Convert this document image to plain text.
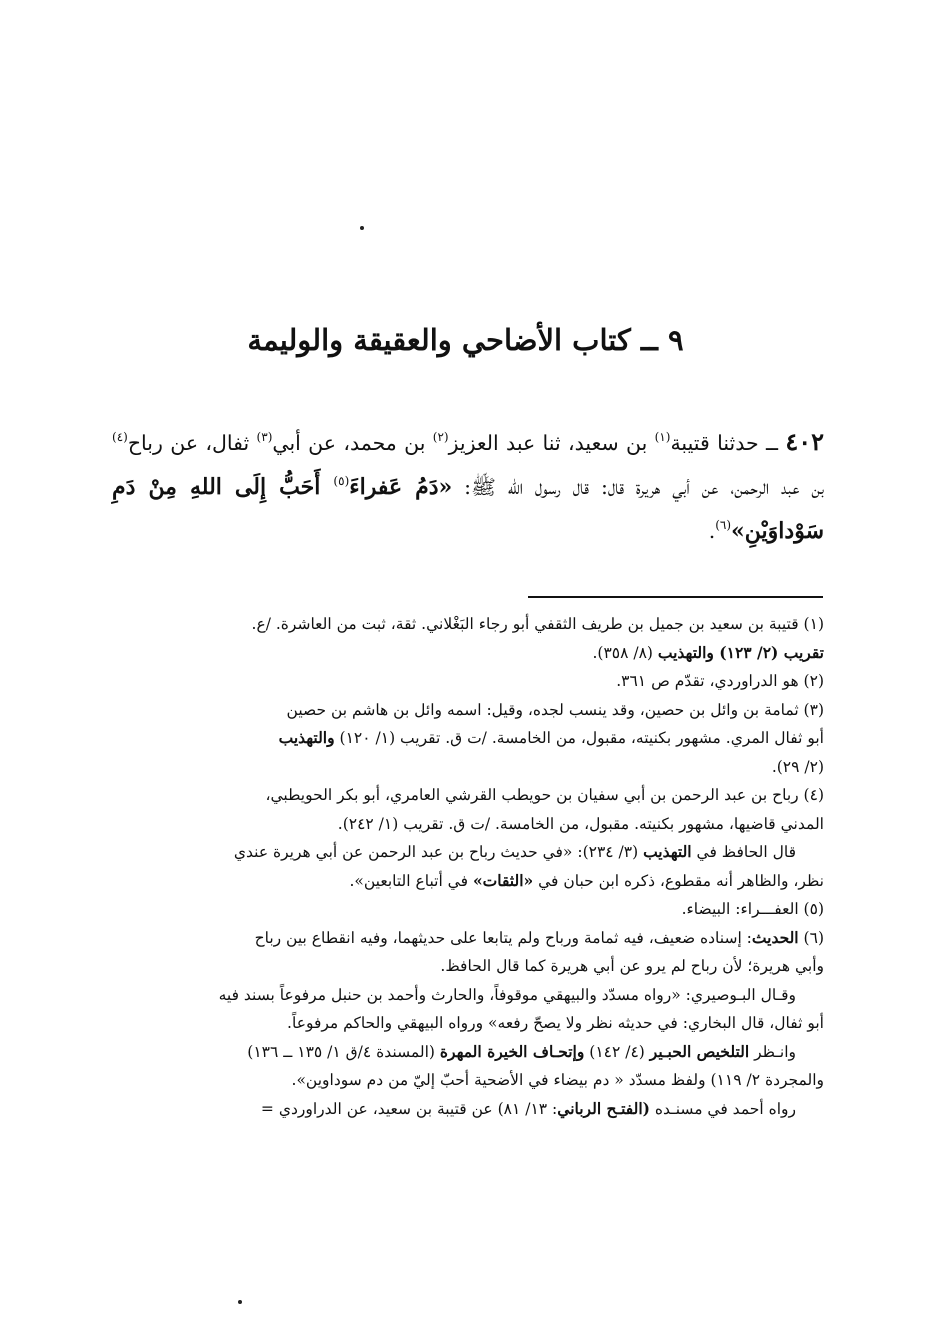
٩ ــ كتاب الأضاحي والعقيقة والوليمة
٤٠٢ ــ حدثنا قتيبة$^{(١)}$ بن سعيد، ثنا عبد العزيز$^{(٢)}$ بن محمد، عن أبي$^{(٣)}$ ثفال، عن رباح$^{(٤)}$ بن عبد الرحمن، عن أبي هريرة قال: قال رسول الله ﷺ: «دَمُ عَفراءَ$^{(٥)}$ أَحَبُّ إِلَى اللهِ مِنْ دَمِ سَوْداوَيْنِ»$^{(٦)}$.

(١) قتيبة بن سعيد بن جميل بن طريف الثقفي أبو رجاء البَغْلاني. ثقة، ثبت من العاشرة. /ع.

تقريب (٢/ ١٢٣) والتهذيب (٨/ ٣٥٨).

(٢) هو الدراوردي، تقدّم ص ٣٦١.

(٣) ثمامة بن وائل بن حصين، وقد ينسب لجده، وقيل: اسمه وائل بن هاشم بن حصين

أبو ثفال المري. مشهور بكنيته، مقبول، من الخامسة. /ت ق. تقريب (١/ ١٢٠) والتهذيب

(٢/ ٢٩).

(٤) رباح بن عبد الرحمن بن أبي سفيان بن حويطب القرشي العامري، أبو بكر الحويطبي،

المدني قاضيها، مشهور بكنيته. مقبول، من الخامسة. /ت ق. تقريب (١/ ٢٤٢).

قال الحافظ في التهذيب (٣/ ٢٣٤): «في حديث رباح بن عبد الرحمن عن أبي هريرة عندي

نظر، والظاهر أنه مقطوع، ذكره ابن حبان في «الثقات» في أتباع التابعين».

(٥) العفـــراء: البيضاء.

(٦) الحديث: إسناده ضعيف، فيه ثمامة ورباح ولم يتابعا على حديثهما، وفيه انقطاع بين رباح

وأبي هريرة؛ لأن رباح لم يرو عن أبي هريرة كما قال الحافظ.

وقـال البـوصيري: «رواه مسدّد والبيهقي موقوفاً، والحارث وأحمد بن حنبل مرفوعاً بسند فيه

أبو ثفال، قال البخاري: في حديثه نظر ولا يصحّ رفعه» ورواه البيهقي والحاكم مرفوعاً.

وانـظر التلخيص الحبـير (٤/ ١٤٢) وإتحـاف الخيرة المهرة (المسندة ٤/ق ١/ ١٣٥ ــ ١٣٦)

والمجردة ٢/ ١١٩) ولفظ مسدّد « دم بيضاء في الأضحية أحبّ إليّ من دم سوداوين».

رواه أحمد في مسنـده (الفتـح الرباني: ١٣/ ٨١) عن قتيبة بن سعيد، عن الدراوردي =
